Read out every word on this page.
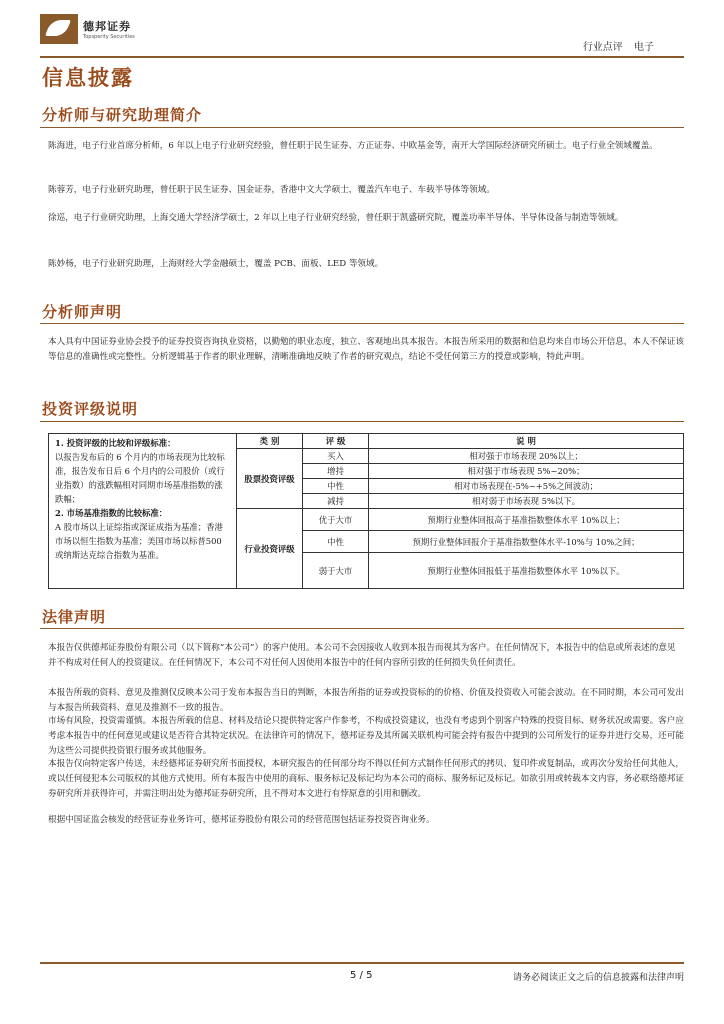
德邦证券
Topsperity Securities
行业点评 电子
信息披露
分析师与研究助理简介
陈海进，电子行业首席分析师，6 年以上电子行业研究经验，曾任职于民生证券、方正证券、中欧基金等，南开大学国际经济研究所硕士。电子行业全领域覆盖。
陈蓉芳，电子行业研究助理，曾任职于民生证券、国金证券，香港中文大学硕士，覆盖汽车电子、车载半导体等领域。
徐巡，电子行业研究助理，上海交通大学经济学硕士，2 年以上电子行业研究经验，曾任职于凯盛研究院，覆盖功率半导体、半导体设备与制造等领域。
陈妙杨，电子行业研究助理，上海财经大学金融硕士，覆盖 PCB、面板、LED 等领域。
分析师声明
本人具有中国证券业协会授予的证券投资咨询执业资格，以勤勉的职业态度，独立、客观地出具本报告。本报告所采用的数据和信息均来自市场公开信息，本人不保证该等信息的准确性或完整性。分析逻辑基于作者的职业理解，清晰准确地反映了作者的研究观点，结论不受任何第三方的授意或影响，特此声明。
投资评级说明
1. 投资评级的比较和评级标准：
以报告发布后的 6 个月内的市场表现为比较标准，报告发布日后 6 个月内的公司股价（或行业指数）的涨跌幅相对同期市场基准指数的涨跌幅；
2. 市场基准指数的比较标准：
A 股市场以上证综指或深证成指为基准；香港市场以恒生指数为基准；美国市场以标普500或纳斯达克综合指数为基准。	类 别	评 级	说 明
	股票投资评级	买入	相对强于市场表现 20%以上；
		增持	相对强于市场表现 5%~20%；
		中性	相对市场表现在-5%~+5%之间波动；
		减持	相对弱于市场表现 5%以下。
	行业投资评级	优于大市	预期行业整体回报高于基准指数整体水平 10%以上；
		中性	预期行业整体回报介于基准指数整体水平-10%与 10%之间；
		弱于大市	预期行业整体回报低于基准指数整体水平 10%以下。
法律声明
本报告仅供德邦证券股份有限公司（以下简称“本公司”）的客户使用。本公司不会因接收人收到本报告而视其为客户。在任何情况下，本报告中的信息或所表述的意见并不构成对任何人的投资建议。在任何情况下，本公司不对任何人因使用本报告中的任何内容所引致的任何损失负任何责任。
本报告所载的资料、意见及推测仅反映本公司于发布本报告当日的判断，本报告所指的证券或投资标的的价格、价值及投资收入可能会波动。在不同时期，本公司可发出与本报告所载资料、意见及推测不一致的报告。
市场有风险，投资需谨慎。本报告所载的信息、材料及结论只提供特定客户作参考，不构成投资建议，也没有考虑到个别客户特殊的投资目标、财务状况或需要。客户应考虑本报告中的任何意见或建议是否符合其特定状况。在法律许可的情况下，德邦证券及其所属关联机构可能会持有报告中提到的公司所发行的证券并进行交易，还可能为这些公司提供投资银行服务或其他服务。
本报告仅向特定客户传送，未经德邦证券研究所书面授权，本研究报告的任何部分均不得以任何方式制作任何形式的拷贝、复印件或复制品，或再次分发给任何其他人，或以任何侵犯本公司版权的其他方式使用。所有本报告中使用的商标、服务标记及标记均为本公司的商标、服务标记及标记。如欲引用或转载本文内容，务必联络德邦证券研究所并获得许可，并需注明出处为德邦证券研究所，且不得对本文进行有悖原意的引用和删改。
根据中国证监会核发的经营证券业务许可，德邦证券股份有限公司的经营范围包括证券投资咨询业务。
5 / 5	请务必阅读正文之后的信息披露和法律声明
